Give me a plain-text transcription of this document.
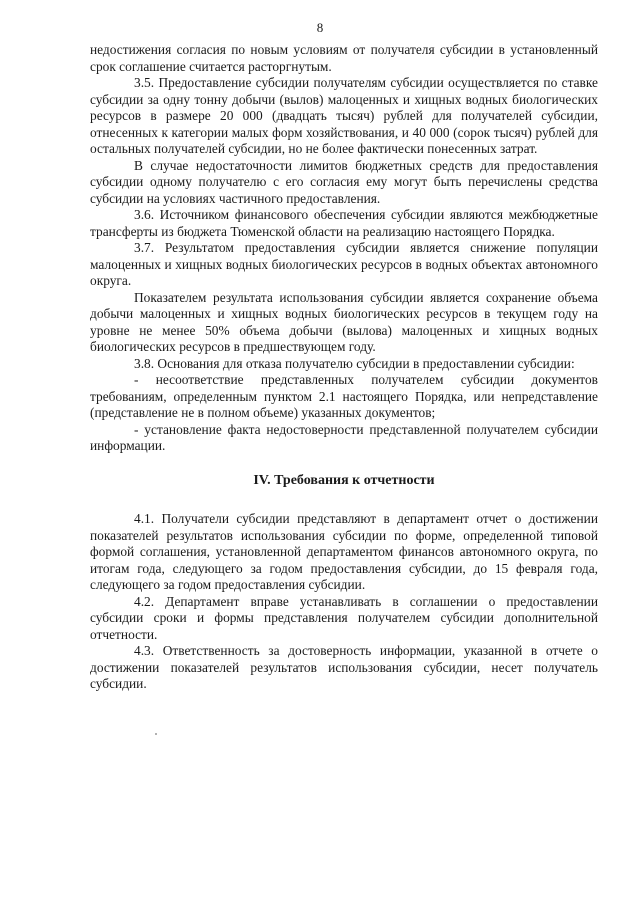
8

недостижения согласия по новым условиям от получателя субсидии в установленный срок соглашение считается расторгнутым.

3.5. Предоставление субсидии получателям субсидии осуществляется по ставке субсидии за одну тонну добычи (вылов) малоценных и хищных водных биологических ресурсов в размере 20 000 (двадцать тысяч) рублей для получателей субсидии, отнесенных к категории малых форм хозяйствования, и 40 000 (сорок тысяч) рублей для остальных получателей субсидии, но не более фактически понесенных затрат.

В случае недостаточности лимитов бюджетных средств для предоставления субсидии одному получателю с его согласия ему могут быть перечислены средства субсидии на условиях частичного предоставления.

3.6. Источником финансового обеспечения субсидии являются межбюджетные трансферты из бюджета Тюменской области на реализацию настоящего Порядка.

3.7. Результатом предоставления субсидии является снижение популяции малоценных и хищных водных биологических ресурсов в водных объектах автономного округа.

Показателем результата использования субсидии является сохранение объема добычи малоценных и хищных водных биологических ресурсов в текущем году на уровне не менее 50% объема добычи (вылова) малоценных и хищных водных биологических ресурсов в предшествующем году.

3.8. Основания для отказа получателю субсидии в предоставлении субсидии:

- несоответствие представленных получателем субсидии документов требованиям, определенным пунктом 2.1 настоящего Порядка, или непредставление (представление не в полном объеме) указанных документов;

- установление факта недостоверности представленной получателем субсидии информации.

IV. Требования к отчетности

4.1. Получатели субсидии представляют в департамент отчет о достижении показателей результатов использования субсидии по форме, определенной типовой формой соглашения, установленной департаментом финансов автономного округа, по итогам года, следующего за годом предоставления субсидии, до 15 февраля года, следующего за годом предоставления субсидии.

4.2. Департамент вправе устанавливать в соглашении о предоставлении субсидии сроки и формы представления получателем субсидии дополнительной отчетности.

4.3. Ответственность за достоверность информации, указанной в отчете о достижении показателей результатов использования субсидии, несет получатель субсидии.
